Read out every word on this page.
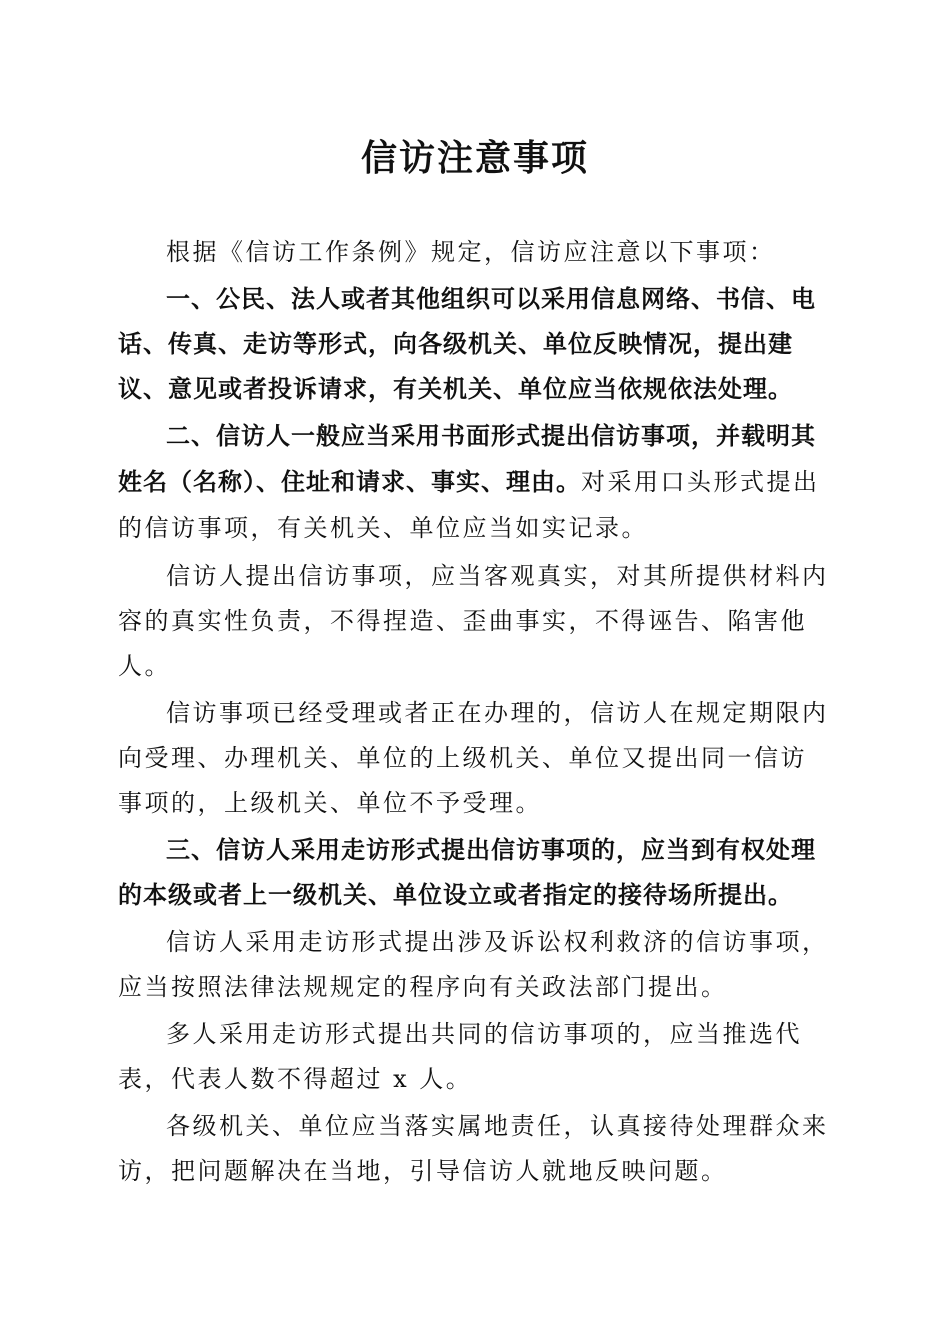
信访注意事项

根据《信访工作条例》规定，信访应注意以下事项：

一、公民、法人或者其他组织可以采用信息网络、书信、电话、传真、走访等形式，向各级机关、单位反映情况，提出建议、意见或者投诉请求，有关机关、单位应当依规依法处理。

二、信访人一般应当采用书面形式提出信访事项，并载明其姓名（名称）、住址和请求、事实、理由。对采用口头形式提出的信访事项，有关机关、单位应当如实记录。

信访人提出信访事项，应当客观真实，对其所提供材料内容的真实性负责，不得捏造、歪曲事实，不得诬告、陷害他人。

信访事项已经受理或者正在办理的，信访人在规定期限内向受理、办理机关、单位的上级机关、单位又提出同一信访事项的，上级机关、单位不予受理。

三、信访人采用走访形式提出信访事项的，应当到有权处理的本级或者上一级机关、单位设立或者指定的接待场所提出。

信访人采用走访形式提出涉及诉讼权利救济的信访事项，应当按照法律法规规定的程序向有关政法部门提出。

多人采用走访形式提出共同的信访事项的，应当推选代表，代表人数不得超过 x 人。

各级机关、单位应当落实属地责任，认真接待处理群众来访，把问题解决在当地，引导信访人就地反映问题。
